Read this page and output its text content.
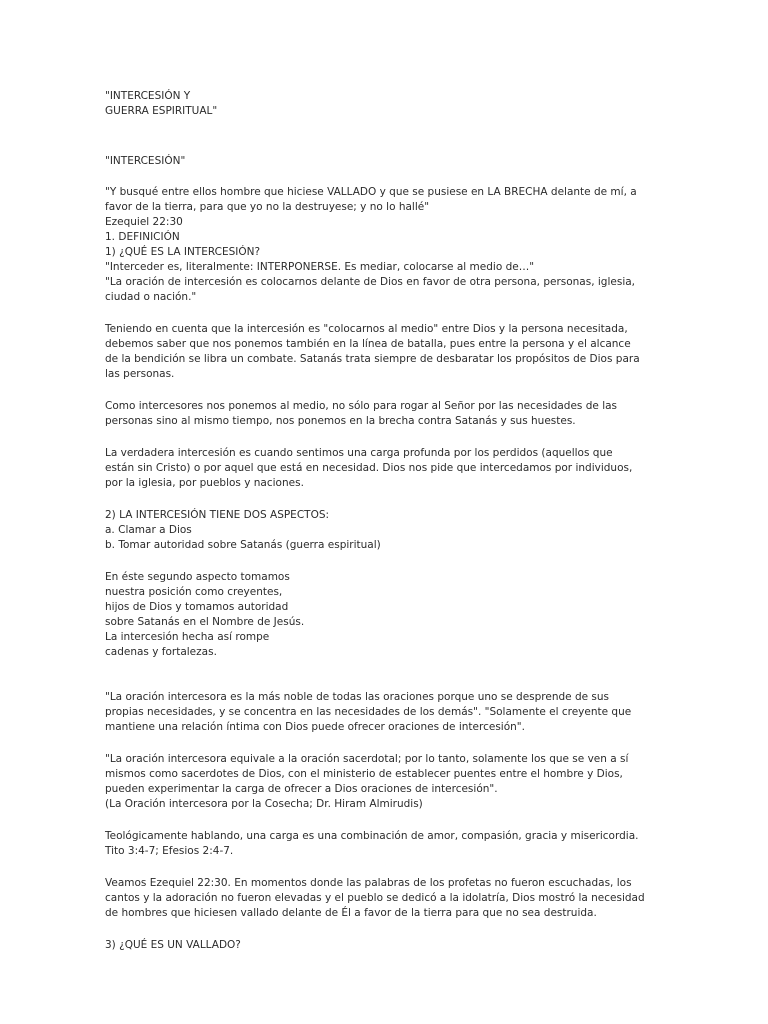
"INTERCESIÓN Y
GUERRA ESPIRITUAL"

"INTERCESIÓN"

"Y busqué entre ellos hombre que hiciese VALLADO y que se pusiese en LA BRECHA delante de mí, a favor de la tierra, para que yo no la destruyese; y no lo hallé"
Ezequiel 22:30
1. DEFINICIÓN
1) ¿QUÉ ES LA INTERCESIÓN?
"Interceder es, literalmente: INTERPONERSE. Es mediar, colocarse al medio de…"
"La oración de intercesión es colocarnos delante de Dios en favor de otra persona, personas, iglesia, ciudad o nación."

Teniendo en cuenta que la intercesión es "colocarnos al medio" entre Dios y la persona necesitada, debemos saber que nos ponemos también en la línea de batalla, pues entre la persona y el alcance de la bendición se libra un combate. Satanás trata siempre de desbaratar los propósitos de Dios para las personas.

Como intercesores nos ponemos al medio, no sólo para rogar al Señor por las necesidades de las personas sino al mismo tiempo, nos ponemos en la brecha contra Satanás y sus huestes.

La verdadera intercesión es cuando sentimos una carga profunda por los perdidos (aquellos que están sin Cristo) o por aquel que está en necesidad. Dios nos pide que intercedamos por individuos, por la iglesia, por pueblos y naciones.

2) LA INTERCESIÓN TIENE DOS ASPECTOS:
a. Clamar a Dios
b. Tomar autoridad sobre Satanás (guerra espiritual)

En éste segundo aspecto tomamos
nuestra posición como creyentes,
hijos de Dios y tomamos autoridad
sobre Satanás en el Nombre de Jesús.
La intercesión hecha así rompe
cadenas y fortalezas.

"La oración intercesora es la más noble de todas las oraciones porque uno se desprende de sus propias necesidades, y se concentra en las necesidades de los demás". "Solamente el creyente que mantiene una relación íntima con Dios puede ofrecer oraciones de intercesión".

"La oración intercesora equivale a la oración sacerdotal; por lo tanto, solamente los que se ven a sí mismos como sacerdotes de Dios, con el ministerio de establecer puentes entre el hombre y Dios, pueden experimentar la carga de ofrecer a Dios oraciones de intercesión".
(La Oración intercesora por la Cosecha; Dr. Hiram Almirudis)

Teológicamente hablando, una carga es una combinación de amor, compasión, gracia y misericordia. Tito 3:4-7; Efesios 2:4-7.

Veamos Ezequiel 22:30. En momentos donde las palabras de los profetas no fueron escuchadas, los cantos y la adoración no fueron elevadas y el pueblo se dedicó a la idolatría, Dios mostró la necesidad de hombres que hiciesen vallado delante de Él a favor de la tierra para que no sea destruida.

3) ¿QUÉ ES UN VALLADO?
